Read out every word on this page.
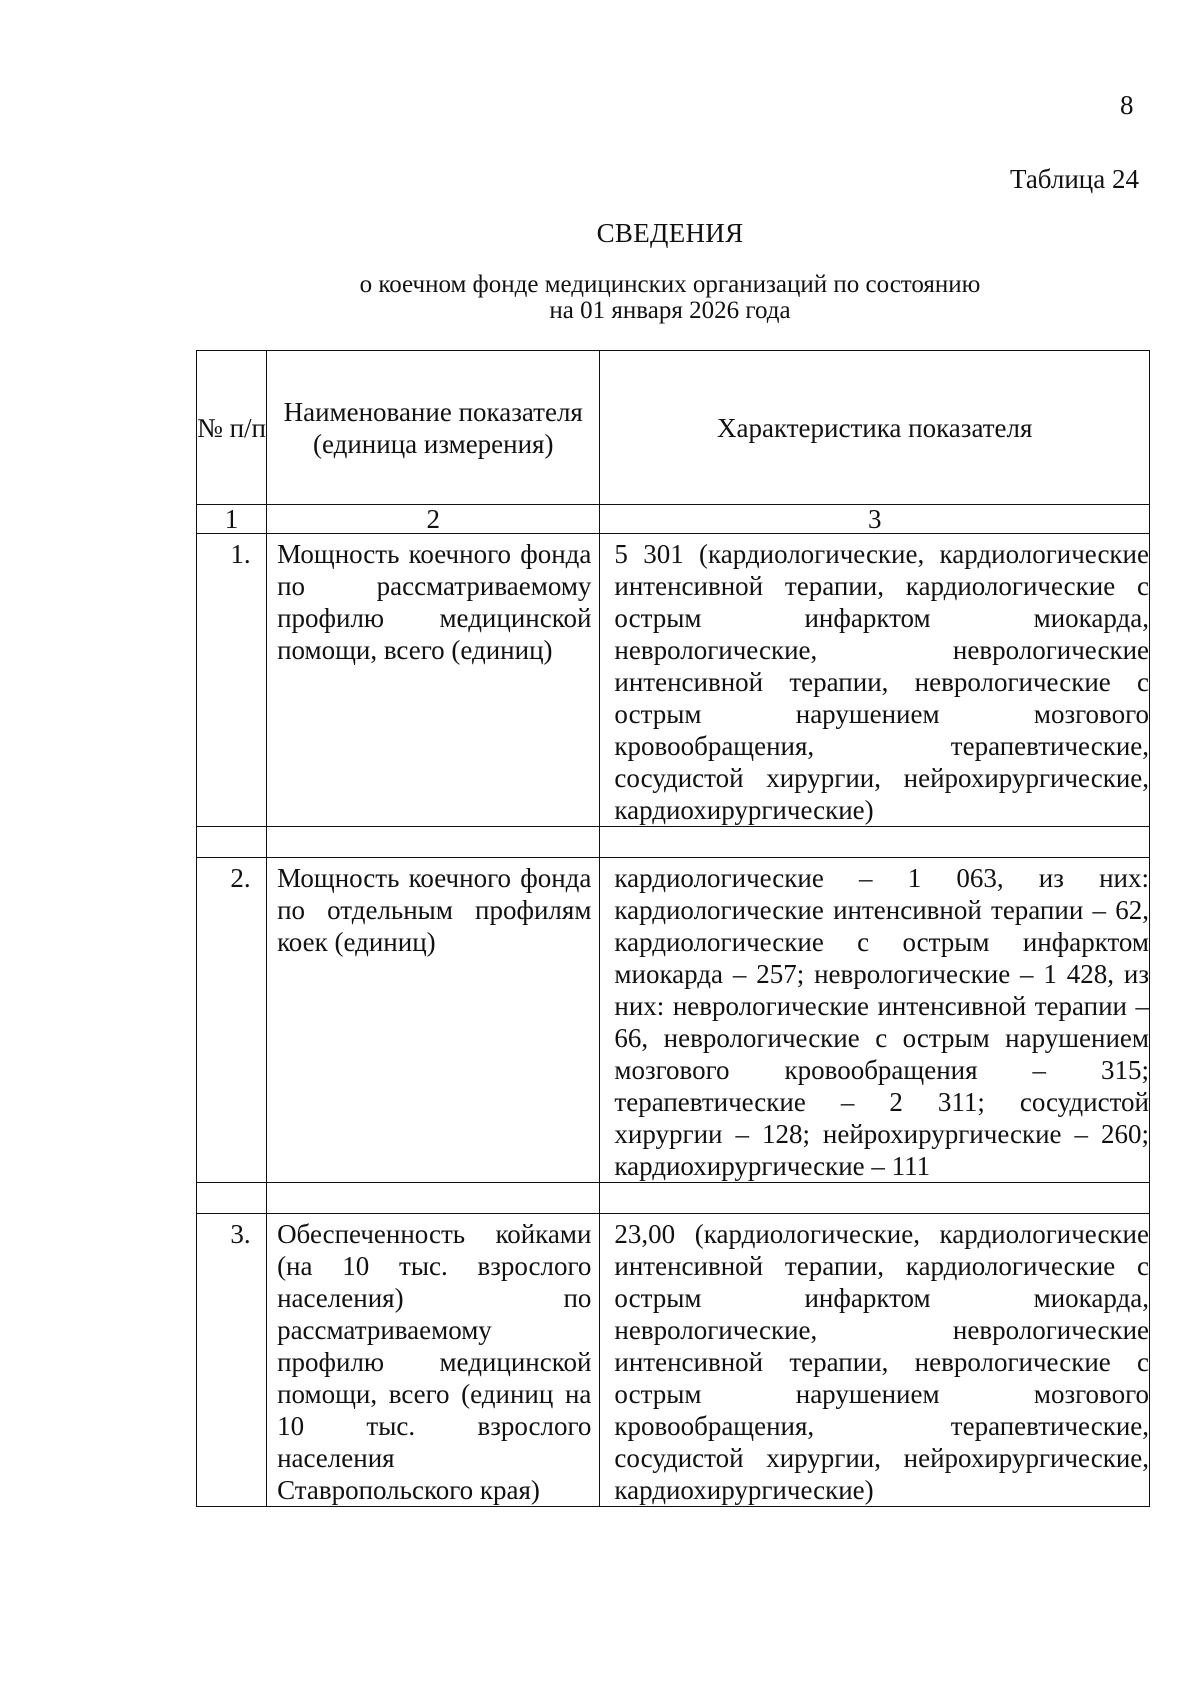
8
Таблица 24
СВЕДЕНИЯ
о коечном фонде медицинских организаций по состоянию
на 01 января 2026 года
№ п/п	Наименование показателя (единица измерения)	Характеристика показателя
1	2	3
1.	Мощность коечного фонда по рассматриваемому профилю медицинской помощи, всего (единиц)	5 301 (кардиологические, кардиологические интенсивной терапии, кардиологические с острым инфарктом миокарда, неврологические, неврологические интенсивной терапии, неврологические с острым нарушением мозгового кровообращения, терапевтические, сосудистой хирургии, нейрохирургические, кардиохирургические)

2.	Мощность коечного фонда по отдельным профилям коек (единиц)	кардиологические – 1 063, из них: кардиологические интенсивной терапии – 62, кардиологические с острым инфарктом миокарда – 257; неврологические – 1 428, из них: неврологические интенсивной терапии – 66, неврологические с острым нарушением мозгового кровообращения – 315; терапевтические – 2 311; сосудистой хирургии – 128; нейрохирургические – 260; кардиохирургические – 111

3.	Обеспеченность койками (на 10 тыс. взрослого населения) по рассматриваемому профилю медицинской помощи, всего (единиц на 10 тыс. взрослого населения Ставропольского края)	23,00 (кардиологические, кардиологические интенсивной терапии, кардиологические с острым инфарктом миокарда, неврологические, неврологические интенсивной терапии, неврологические с острым нарушением мозгового кровообращения, терапевтические, сосудистой хирургии, нейрохирургические, кардиохирургические)
